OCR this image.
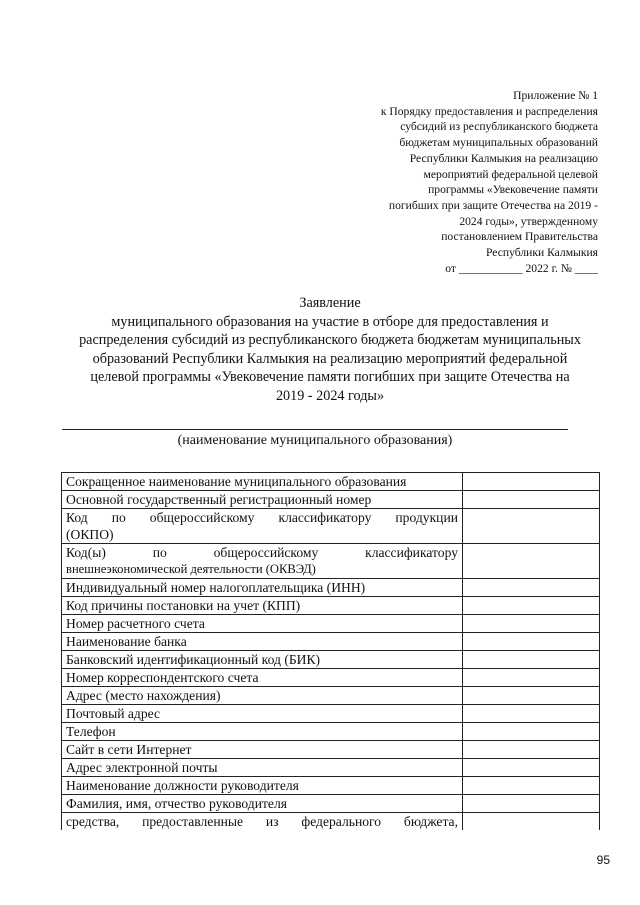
Приложение № 1
к Порядку предоставления и распределения
субсидий из республиканского бюджета
бюджетам муниципальных образований
Республики Калмыкия на реализацию
мероприятий федеральной целевой
программы «Увековечение памяти
погибших при защите Отечества на 2019 -
2024 годы», утвержденному
постановлением Правительства
Республики Калмыкия
от ___________ 2022 г. № ____
Заявление
муниципального образования на участие в отборе для предоставления и
распределения субсидий из республиканского бюджета бюджетам муниципальных
образований Республики Калмыкия на реализацию мероприятий федеральной
целевой программы «Увековечение памяти погибших при защите Отечества на
2019 - 2024 годы»
(наименование муниципального образования)
Сокращенное наименование муниципального образования	
Основной государственный регистрационный номер	

Код по общероссийскому классификатору продукции
(ОКПО)	

Код(ы) по общероссийскому классификатору
внешнеэкономической деятельности (ОКВЭД)	

Индивидуальный номер налогоплательщика (ИНН)	
Код причины постановки на учет (КПП)	
Номер расчетного счета	
Наименование банка	
Банковский идентификационный код (БИК)	
Номер корреспондентского счета	
Адрес (место нахождения)	
Почтовый адрес	
Телефон	
Сайт в сети Интернет	
Адрес электронной почты	
Наименование должности руководителя	
Фамилия, имя, отчество руководителя	
средства, предоставленные из федерального бюджета,	
95
